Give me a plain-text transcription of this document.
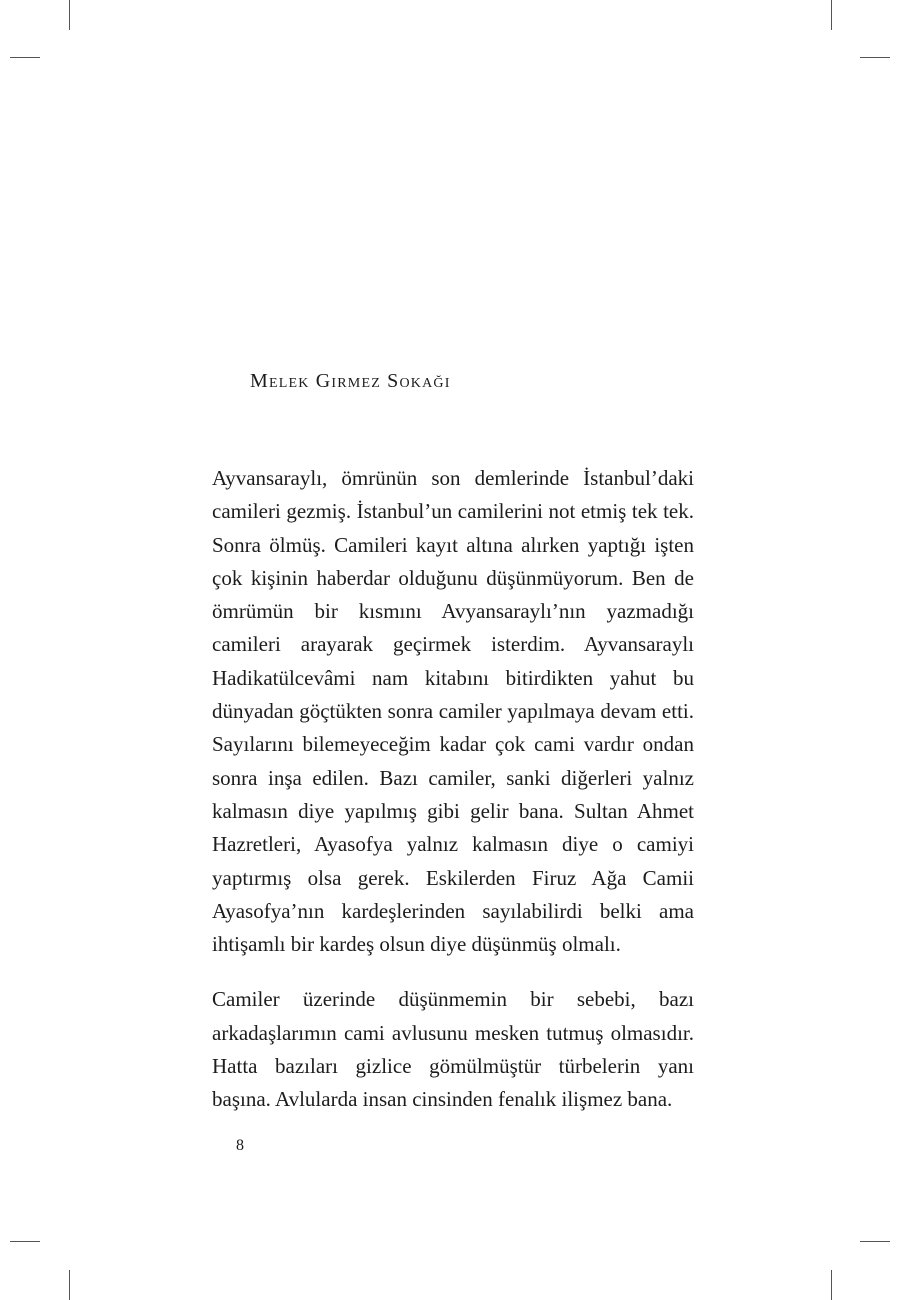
Melek Girmez Sokağı

Ayvansaraylı, ömrünün son demlerinde İstanbul’daki camileri gezmiş. İstanbul’un camilerini not etmiş tek tek. Sonra ölmüş. Camileri kayıt altına alırken yaptığı işten çok kişinin haberdar olduğunu düşünmüyorum. Ben de ömrümün bir kısmını Avyansaraylı’nın yazmadığı camileri arayarak geçirmek isterdim. Ayvansaraylı Hadikatülcevâmi nam kitabını bitirdikten yahut bu dünyadan göçtükten sonra camiler yapılmaya devam etti. Sayılarını bilemeyeceğim kadar çok cami vardır ondan sonra inşa edilen. Bazı camiler, sanki diğerleri yalnız kalmasın diye yapılmış gibi gelir bana. Sultan Ahmet Hazretleri, Ayasofya yalnız kalmasın diye o camiyi yaptırmış olsa gerek. Eskilerden Firuz Ağa Camii Ayasofya’nın kardeşlerinden sayılabilirdi belki ama ihtişamlı bir kardeş olsun diye düşünmüş olmalı.

Camiler üzerinde düşünmemin bir sebebi, bazı arkadaşlarımın cami avlusunu mesken tutmuş olmasıdır. Hatta bazıları gizlice gömülmüştür türbelerin yanı başına. Avlularda insan cinsinden fenalık ilişmez bana.

8
